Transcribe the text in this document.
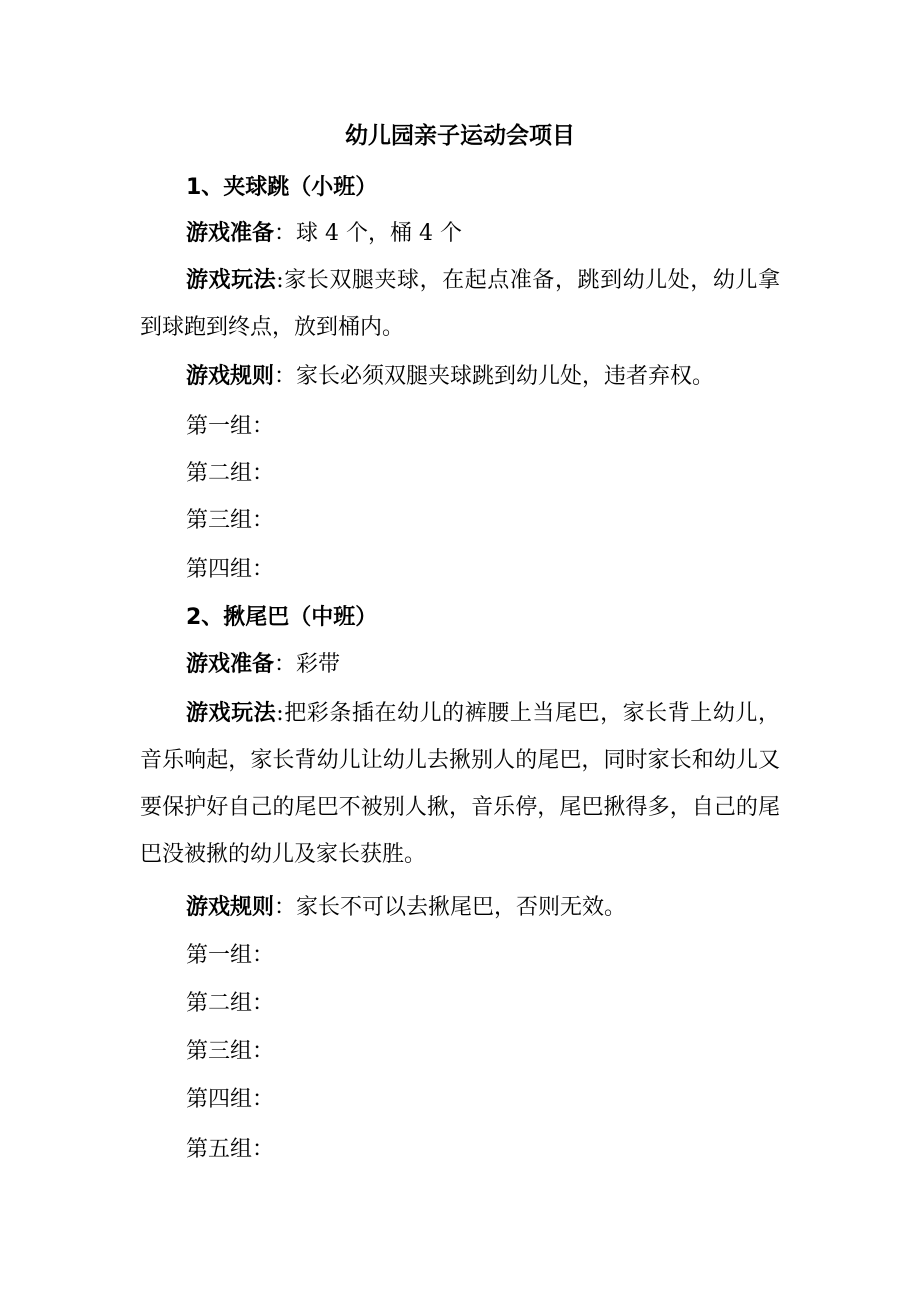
幼儿园亲子运动会项目
1、夹球跳（小班）

游戏准备：球 4 个，桶 4 个

游戏玩法:家长双腿夹球，在起点准备，跳到幼儿处，幼儿拿到球跑到终点，放到桶内。

游戏规则：家长必须双腿夹球跳到幼儿处，违者弃权。

第一组：

第二组：

第三组：

第四组：

2、揪尾巴（中班）

游戏准备：彩带

游戏玩法:把彩条插在幼儿的裤腰上当尾巴，家长背上幼儿，音乐响起，家长背幼儿让幼儿去揪别人的尾巴，同时家长和幼儿又要保护好自己的尾巴不被别人揪，音乐停，尾巴揪得多，自己的尾巴没被揪的幼儿及家长获胜。

游戏规则：家长不可以去揪尾巴，否则无效。

第一组：

第二组：

第三组：

第四组：

第五组：
